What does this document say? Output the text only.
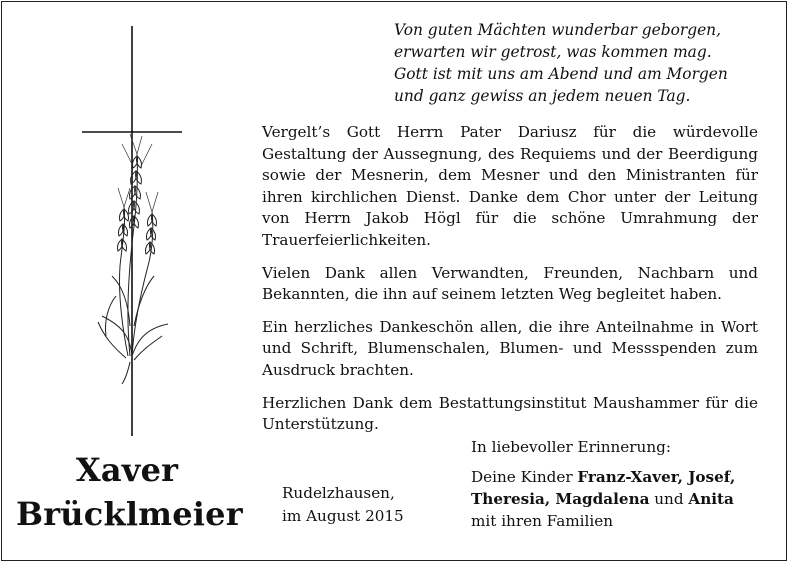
Von guten Mächten wunderbar geborgen,
erwarten wir getrost, was kommen mag.
Gott ist mit uns am Abend und am Morgen
und ganz gewiss an jedem neuen Tag.

Vergelt’s Gott Herrn Pater Dariusz für die würdevolle Gestaltung der Aussegnung, des Requiems und der Beerdigung sowie der Mesnerin, dem Mesner und den Ministranten für ihren kirchlichen Dienst. Danke dem Chor unter der Leitung von Herrn Jakob Högl für die schöne Umrahmung der Trauerfeierlichkeiten.

Vielen Dank allen Verwandten, Freunden, Nachbarn und Bekannten, die ihn auf seinem letzten Weg begleitet haben.

Ein herzliches Dankeschön allen, die ihre Anteilnahme in Wort und Schrift, Blumenschalen, Blumen- und Messspenden zum Ausdruck brachten.

Herzlichen Dank dem Bestattungsinstitut Maushammer für die Unterstützung.

Xaver
Brücklmeier
Rudelzhausen,
im August 2015
In liebevoller Erinnerung:
Deine Kinder Franz-Xaver, Josef,
Theresia, Magdalena und Anita
mit ihren Familien
